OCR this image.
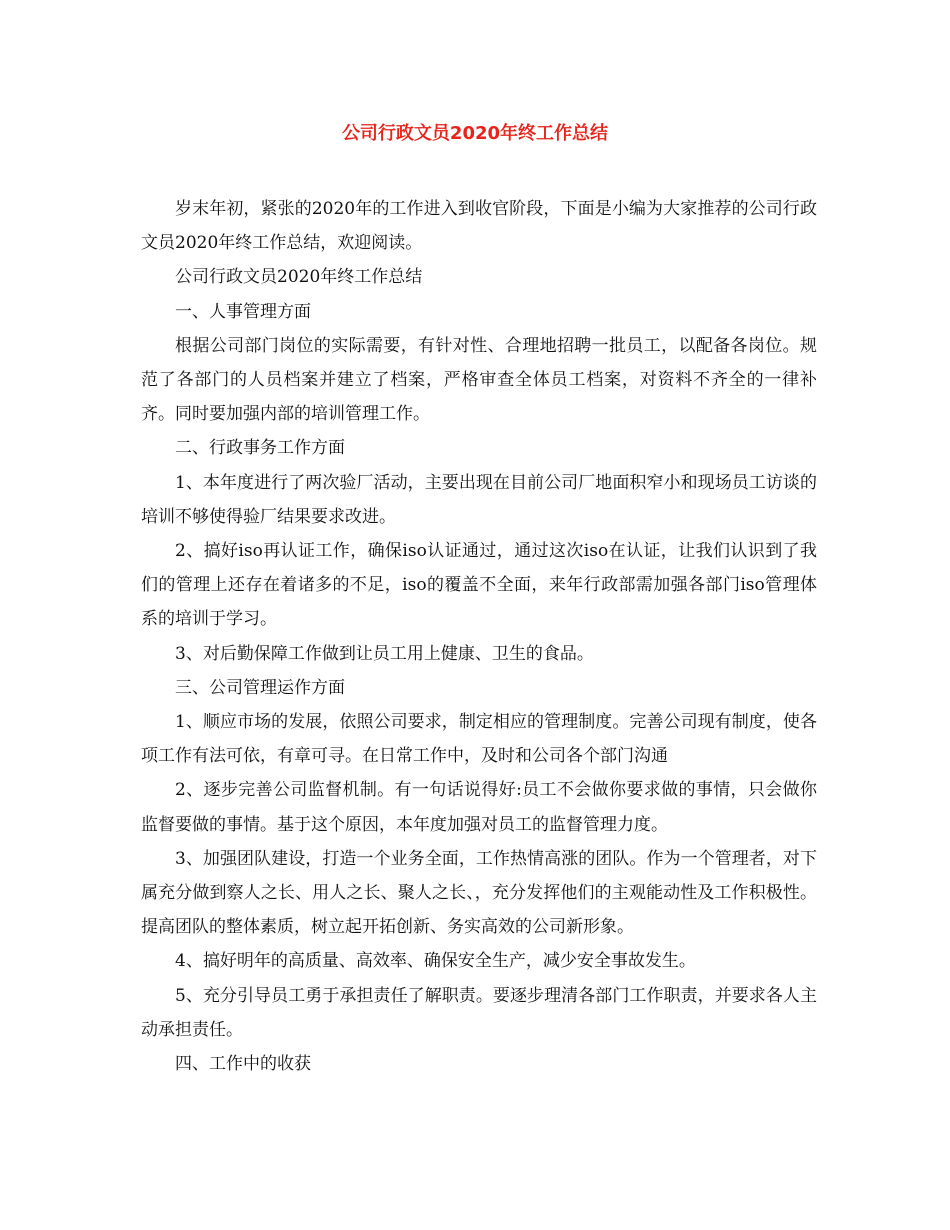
公司行政文员2020年终工作总结

岁末年初，紧张的2020年的工作进入到收官阶段，下面是小编为大家推荐的公司行政文员2020年终工作总结，欢迎阅读。

公司行政文员2020年终工作总结

一、人事管理方面

根据公司部门岗位的实际需要，有针对性、合理地招聘一批员工，以配备各岗位。规范了各部门的人员档案并建立了档案，严格审查全体员工档案，对资料不齐全的一律补齐。同时要加强内部的培训管理工作。

二、行政事务工作方面

1、本年度进行了两次验厂活动，主要出现在目前公司厂地面积窄小和现场员工访谈的培训不够使得验厂结果要求改进。

2、搞好iso再认证工作，确保iso认证通过，通过这次iso在认证，让我们认识到了我们的管理上还存在着诸多的不足，iso的覆盖不全面，来年行政部需加强各部门iso管理体系的培训于学习。

3、对后勤保障工作做到让员工用上健康、卫生的食品。

三、公司管理运作方面

1、顺应市场的发展，依照公司要求，制定相应的管理制度。完善公司现有制度，使各项工作有法可依，有章可寻。在日常工作中，及时和公司各个部门沟通

2、逐步完善公司监督机制。有一句话说得好:员工不会做你要求做的事情，只会做你监督要做的事情。基于这个原因，本年度加强对员工的监督管理力度。

3、加强团队建设，打造一个业务全面，工作热情高涨的团队。作为一个管理者，对下属充分做到察人之长、用人之长、聚人之长、，充分发挥他们的主观能动性及工作积极性。提高团队的整体素质，树立起开拓创新、务实高效的公司新形象。

4、搞好明年的高质量、高效率、确保安全生产，减少安全事故发生。

5、充分引导员工勇于承担责任了解职责。要逐步理清各部门工作职责，并要求各人主动承担责任。

四、工作中的收获
